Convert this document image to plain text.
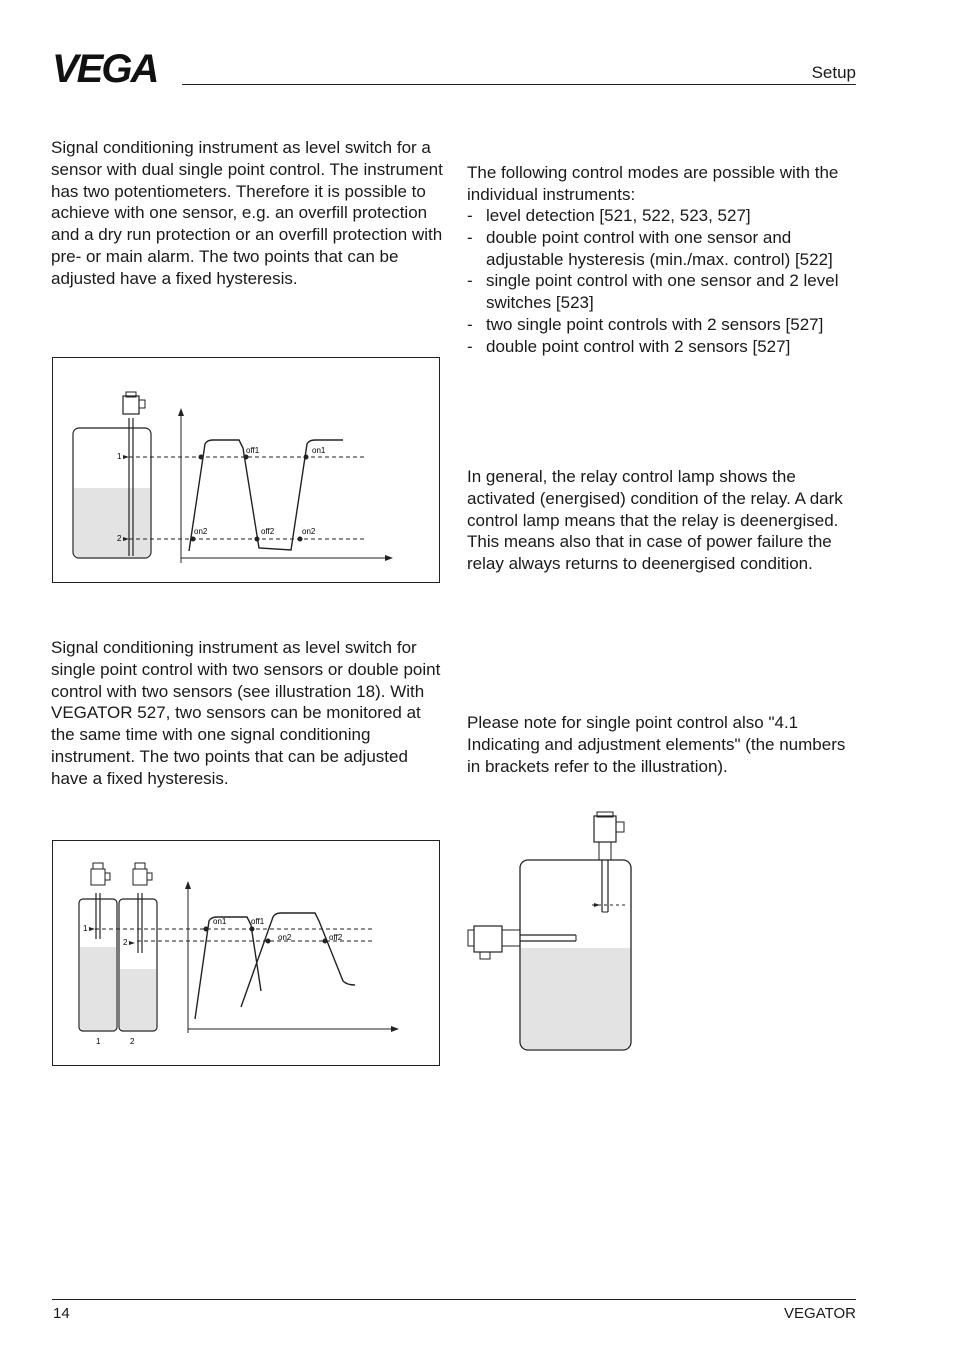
VEGA	Setup

Signal conditioning instrument as level switch for a sensor with dual single point control. The instrument has two potentiometers. Therefore it is possible to achieve with one sensor, e.g. an overfill protection and a dry run protection or an overfill protection with pre- or main alarm. The two points that can be adjusted have a fixed hysteresis.

1
2
off1	on1
on2	off2	on2

Signal conditioning instrument as level switch for single point control with two sensors or double point control with two sensors (see illustration 18). With VEGATOR 527, two sensors can be monitored at the same time with one signal conditioning instrument. The two points that can be adjusted have a fixed hysteresis.

1
2
on1	off1
on2	off2
1	2

The following control modes are possible with the individual instruments:

- level detection [521, 522, 523, 527]
- double point control with one sensor and adjustable hysteresis (min./max. control) [522]
- single point control with one sensor and 2 level switches [523]
- two single point controls with 2 sensors [527]
- double point control with 2 sensors [527]

In general, the relay control lamp shows the activated (energised) condition of the relay. A dark control lamp means that the relay is deenergised. This means also that in case of power failure the relay always returns to deenergised condition.

Please note for single point control also "4.1 Indicating and adjustment elements" (the numbers in brackets refer to the illustration).

14	VEGATOR
